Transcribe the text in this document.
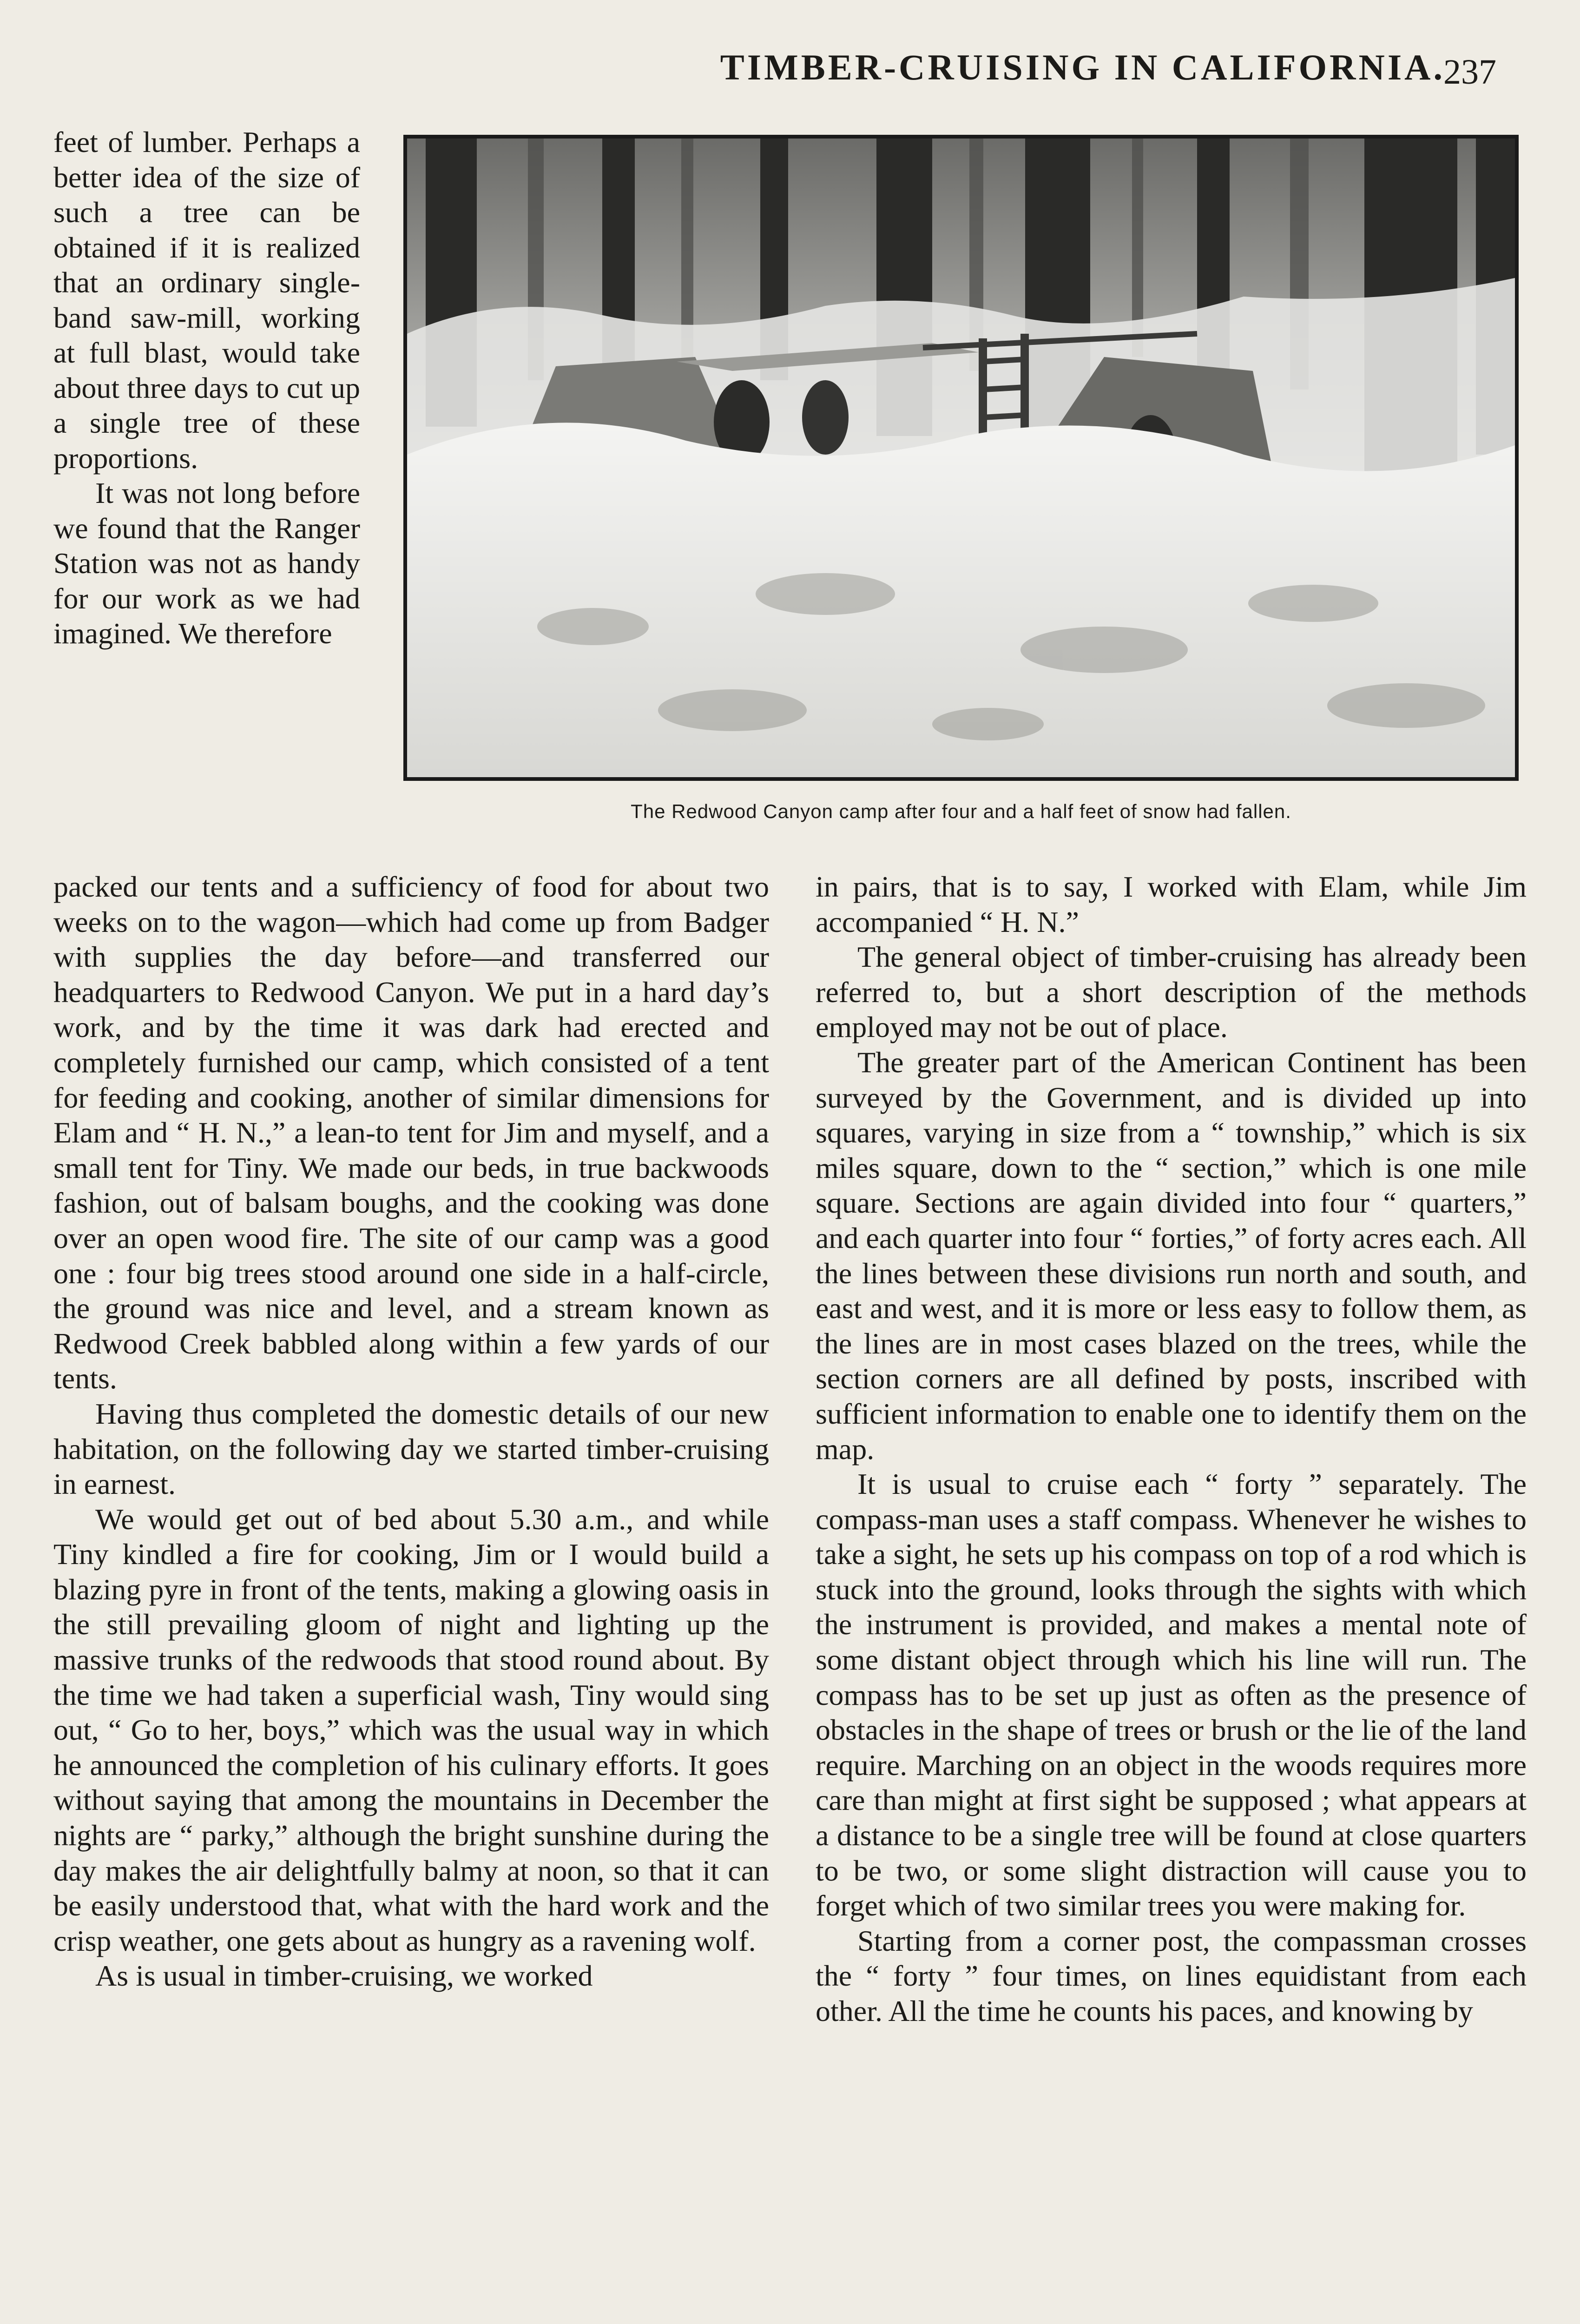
TIMBER-CRUISING IN CALIFORNIA.
237

feet of lumber. Perhaps a better idea of the size of such a tree can be obtained if it is realized that an ordinary single-band saw-mill, working at full blast, would take about three days to cut up a single tree of these proportions.

It was not long before we found that the Ranger Station was not as handy for our work as we had imagined. We therefore

The Redwood Canyon camp after four and a half feet of snow had fallen.

packed our tents and a sufficiency of food for about two weeks on to the wagon—which had come up from Badger with supplies the day before—and transferred our headquarters to Redwood Canyon. We put in a hard day’s work, and by the time it was dark had erected and completely furnished our camp, which consisted of a tent for feeding and cooking, another of similar dimensions for Elam and “ H. N.,” a lean-to tent for Jim and myself, and a small tent for Tiny. We made our beds, in true backwoods fashion, out of balsam boughs, and the cooking was done over an open wood fire. The site of our camp was a good one : four big trees stood around one side in a half-circle, the ground was nice and level, and a stream known as Redwood Creek babbled along within a few yards of our tents.

Having thus completed the domestic details of our new habitation, on the following day we started timber-cruising in earnest.

We would get out of bed about 5.30 a.m., and while Tiny kindled a fire for cooking, Jim or I would build a blazing pyre in front of the tents, making a glowing oasis in the still prevailing gloom of night and lighting up the massive trunks of the redwoods that stood round about. By the time we had taken a superficial wash, Tiny would sing out, “ Go to her, boys,” which was the usual way in which he announced the completion of his culinary efforts. It goes without saying that among the mountains in December the nights are “ parky,” although the bright sunshine during the day makes the air delightfully balmy at noon, so that it can be easily understood that, what with the hard work and the crisp weather, one gets about as hungry as a ravening wolf.

As is usual in timber-cruising, we worked

in pairs, that is to say, I worked with Elam, while Jim accompanied “ H. N.”

The general object of timber-cruising has already been referred to, but a short description of the methods employed may not be out of place.

The greater part of the American Continent has been surveyed by the Government, and is divided up into squares, varying in size from a “ township,” which is six miles square, down to the “ section,” which is one mile square. Sections are again divided into four “ quarters,” and each quarter into four “ forties,” of forty acres each. All the lines between these divisions run north and south, and east and west, and it is more or less easy to follow them, as the lines are in most cases blazed on the trees, while the section corners are all defined by posts, inscribed with sufficient information to enable one to identify them on the map.

It is usual to cruise each “ forty ” separately. The compass-man uses a staff compass. Whenever he wishes to take a sight, he sets up his compass on top of a rod which is stuck into the ground, looks through the sights with which the instrument is provided, and makes a mental note of some distant object through which his line will run. The compass has to be set up just as often as the presence of obstacles in the shape of trees or brush or the lie of the land require. Marching on an object in the woods requires more care than might at first sight be supposed ; what appears at a distance to be a single tree will be found at close quarters to be two, or some slight distraction will cause you to forget which of two similar trees you were making for.

Starting from a corner post, the compassman crosses the “ forty ” four times, on lines equidistant from each other. All the time he counts his paces, and knowing by
